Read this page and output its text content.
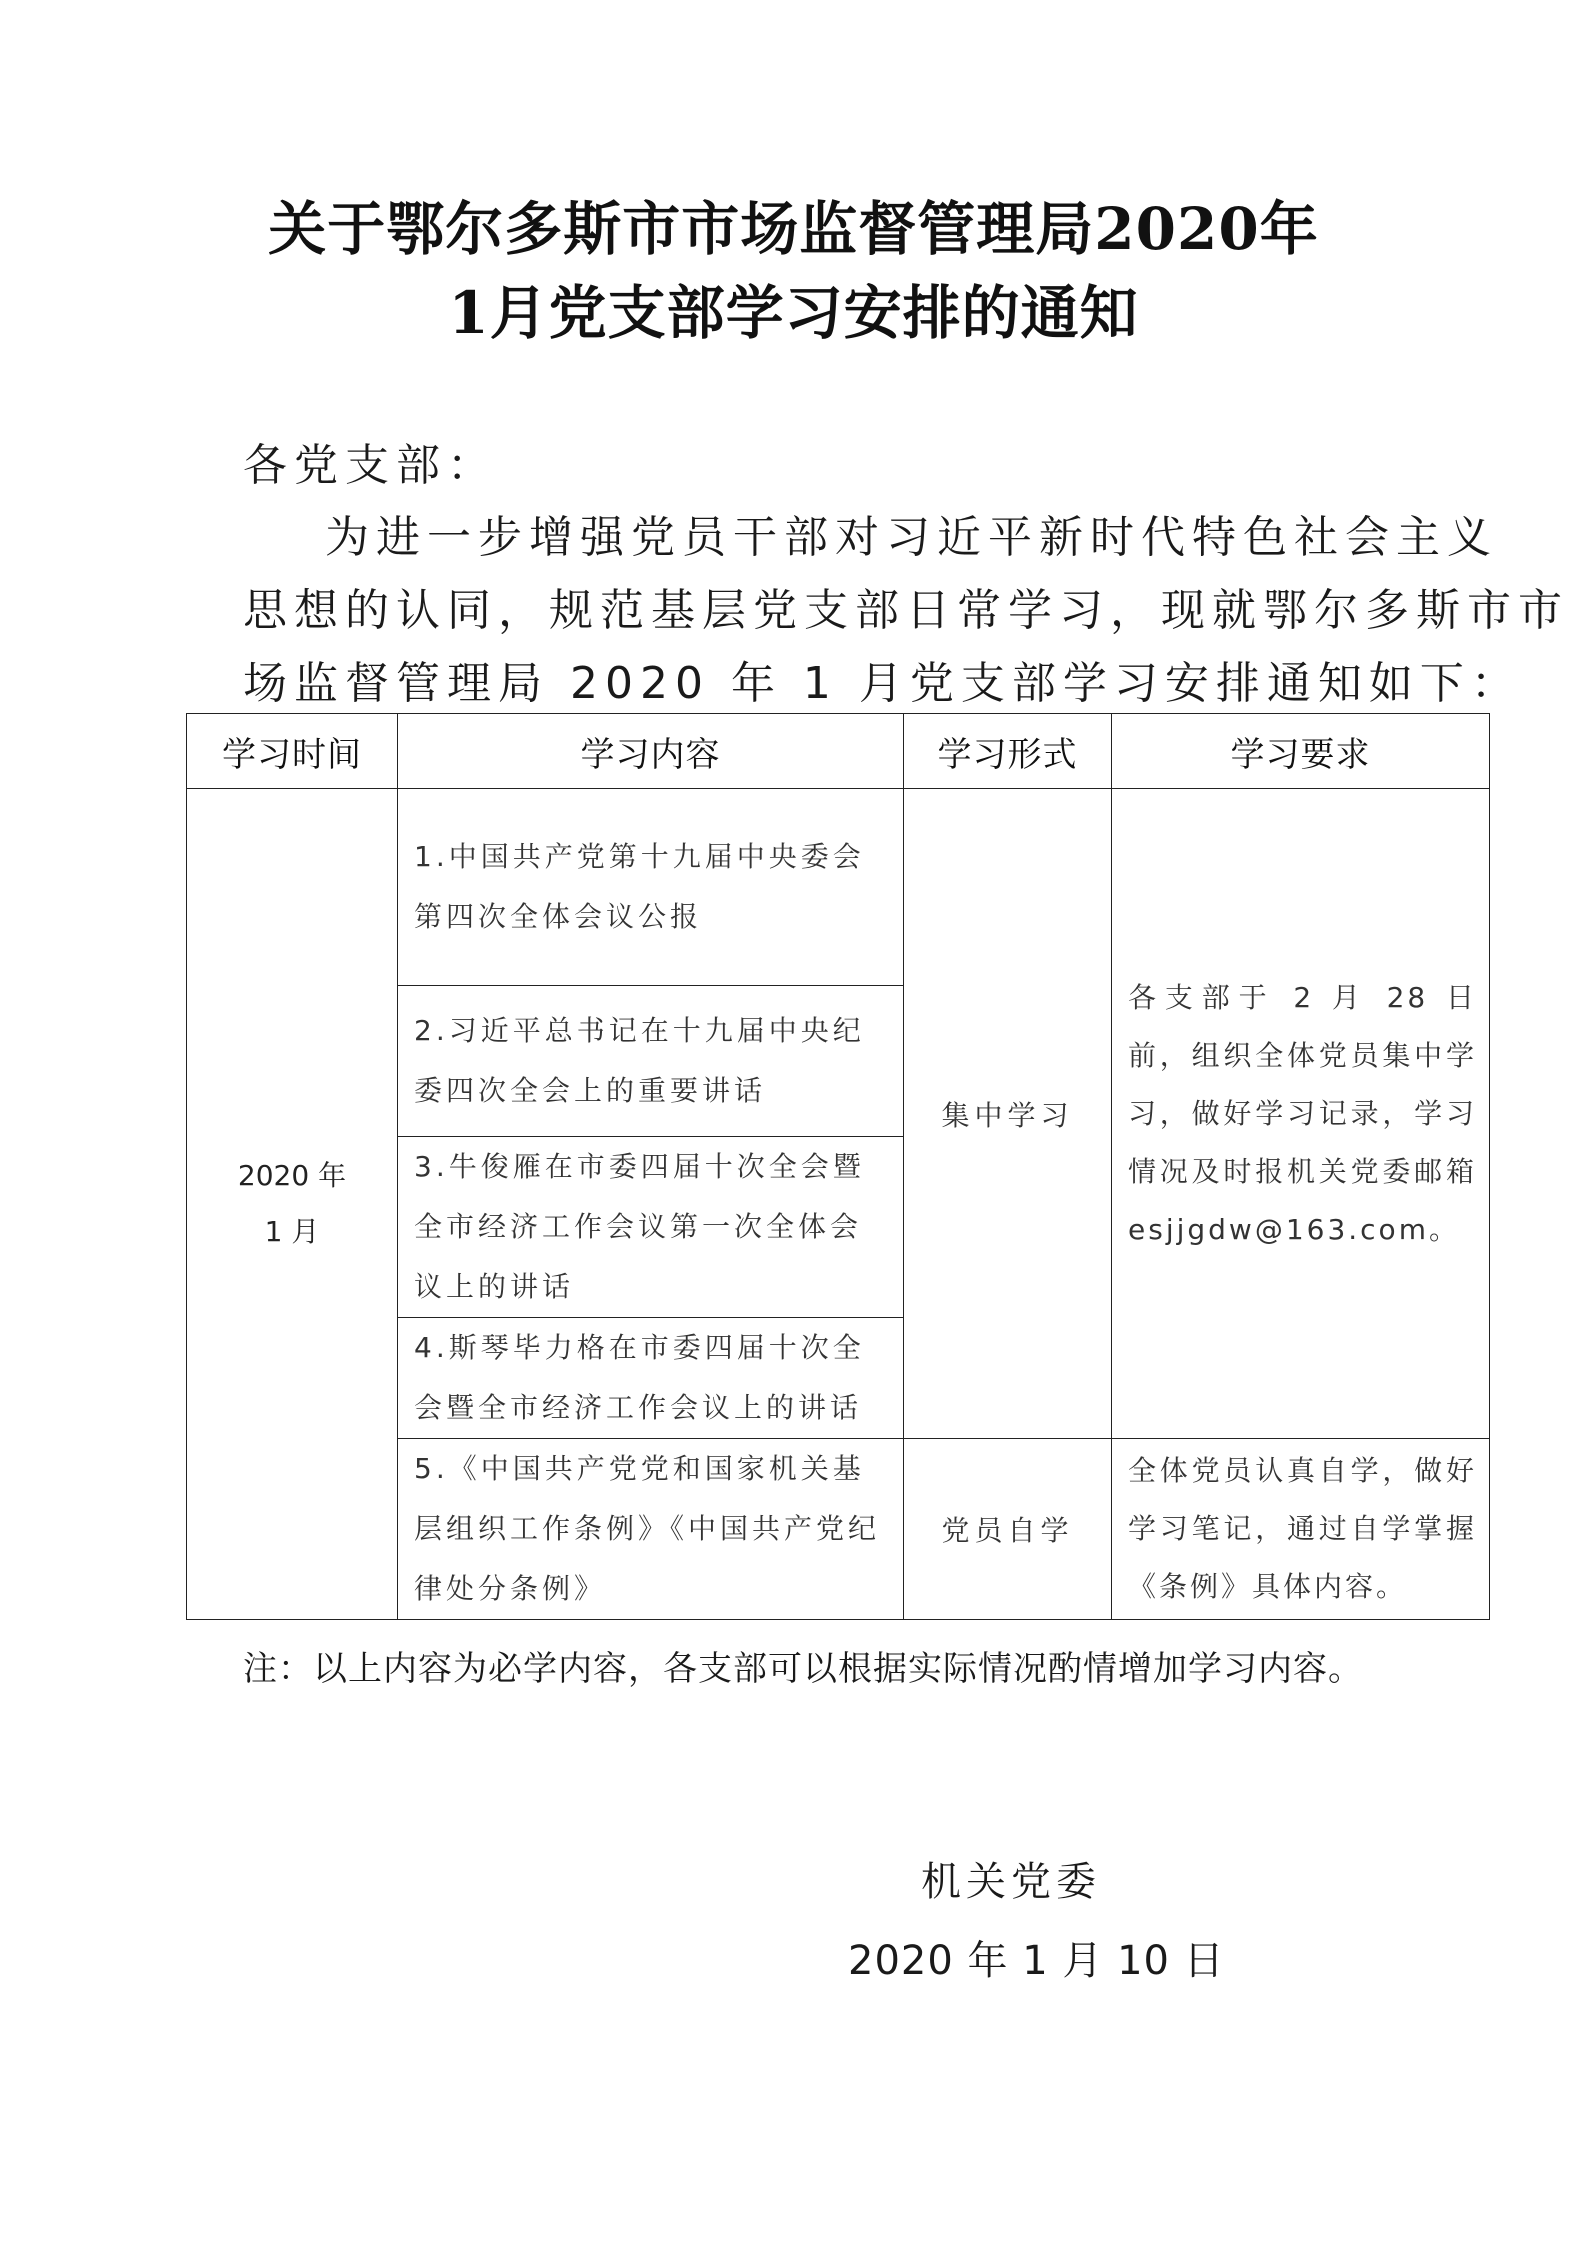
关于鄂尔多斯市市场监督管理局2020年
1月党支部学习安排的通知
各党支部：
为进一步增强党员干部对习近平新时代特色社会主义
思想的认同，规范基层党支部日常学习，现就鄂尔多斯市市
场监督管理局 2020 年 1 月党支部学习安排通知如下：
学习时间	学习内容	学习形式	学习要求

2020 年
1 月	1.中国共产党第十九届中央委会第四次全体会议公报	集中学习	各支部于 2 月 28 日前，组织全体党员集中学习，做好学习记录，学习情况及时报机关党委邮箱esjjgdw@163.com。
	2.习近平总书记在十九届中央纪委四次全会上的重要讲话		
	3.牛俊雁在市委四届十次全会暨全市经济工作会议第一次全体会议上的讲话		
	4.斯琴毕力格在市委四届十次全会暨全市经济工作会议上的讲话		
	5.《中国共产党党和国家机关基层组织工作条例》《中国共产党纪律处分条例》	党员自学	全体党员认真自学，做好学习笔记，通过自学掌握《条例》具体内容。
注：以上内容为必学内容，各支部可以根据实际情况酌情增加学习内容。
机关党委
2020 年 1 月 10 日
